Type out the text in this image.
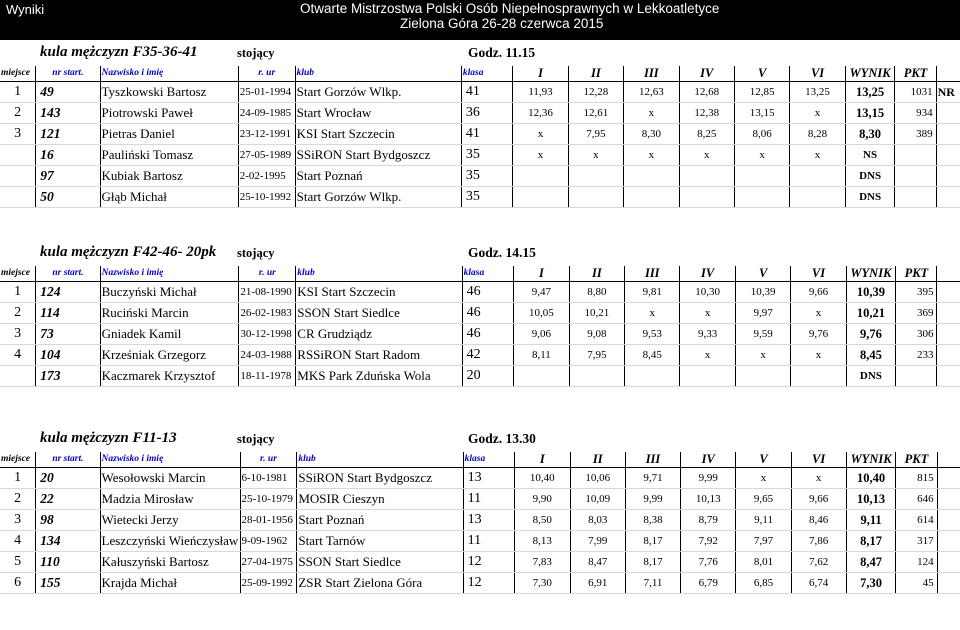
Wyniki	Otwarte Mistrzostwa Polski Osób Niepełnosprawnych w Lekkoatletyce
Zielona Góra 26-28 czerwca 2015
kula mężczyzn F35-36-41	stojący	Godz. 11.15
miejsce	nr start.	Nazwisko i imię	r. ur	klub	klasa	I	II	III	IV	V	VI	WYNIK	PKT	
1	49	Tyszkowski Bartosz	25-01-1994	Start Gorzów Wlkp.	41	11,93	12,28	12,63	12,68	12,85	13,25	13,25	1031	NR
2	143	Piotrowski Paweł	24-09-1985	Start Wrocław	36	12,36	12,61	x	12,38	13,15	x	13,15	934	
3	121	Pietras Daniel	23-12-1991	KSI Start Szczecin	41	x	7,95	8,30	8,25	8,06	8,28	8,30	389	
	16	Pauliński Tomasz	27-05-1989	SSiRON Start Bydgoszcz	35	x	x	x	x	x	x	NS		
	97	Kubiak Bartosz	2-02-1995	Start Poznań	35							DNS		
	50	Głąb Michał	25-10-1992	Start Gorzów Wlkp.	35							DNS		
kula mężczyzn F42-46- 20pk stojący	Godz. 14.15
miejsce	nr start.	Nazwisko i imię	r. ur	klub	klasa	I	II	III	IV	V	VI	WYNIK	PKT	
1	124	Buczyński Michał	21-08-1990	KSI Start Szczecin	46	9,47	8,80	9,81	10,30	10,39	9,66	10,39	395	
2	114	Ruciński Marcin	26-02-1983	SSON Start Siedlce	46	10,05	10,21	x	x	9,97	x	10,21	369	
3	73	Gniadek Kamil	30-12-1998	CR Grudziądz	46	9,06	9,08	9,53	9,33	9,59	9,76	9,76	306	
4	104	Krześniak Grzegorz	24-03-1988	RSSiRON Start Radom	42	8,11	7,95	8,45	x	x	x	8,45	233	
	173	Kaczmarek Krzysztof	18-11-1978	MKS Park Zduńska Wola	20							DNS		
kula mężczyzn F11-13	stojący	Godz. 13.30
miejsce	nr start.	Nazwisko i imię	r. ur	klub	klasa	I	II	III	IV	V	VI	WYNIK	PKT	
1	20	Wesołowski Marcin	6-10-1981	SSiRON Start Bydgoszcz	13	10,40	10,06	9,71	9,99	x	x	10,40	815	
2	22	Madzia Mirosław	25-10-1979	MOSIR Cieszyn	11	9,90	10,09	9,99	10,13	9,65	9,66	10,13	646	
3	98	Wietecki Jerzy	28-01-1956	Start Poznań	13	8,50	8,03	8,38	8,79	9,11	8,46	9,11	614	
4	134	Leszczyński Wieńczysław	9-09-1962	Start Tarnów	11	8,13	7,99	8,17	7,92	7,97	7,86	8,17	317	
5	110	Kałuszyński Bartosz	27-04-1975	SSON Start Siedlce	12	7,83	8,47	8,17	7,76	8,01	7,62	8,47	124	
6	155	Krajda Michał	25-09-1992	ZSR Start Zielona Góra	12	7,30	6,91	7,11	6,79	6,85	6,74	7,30	45	
